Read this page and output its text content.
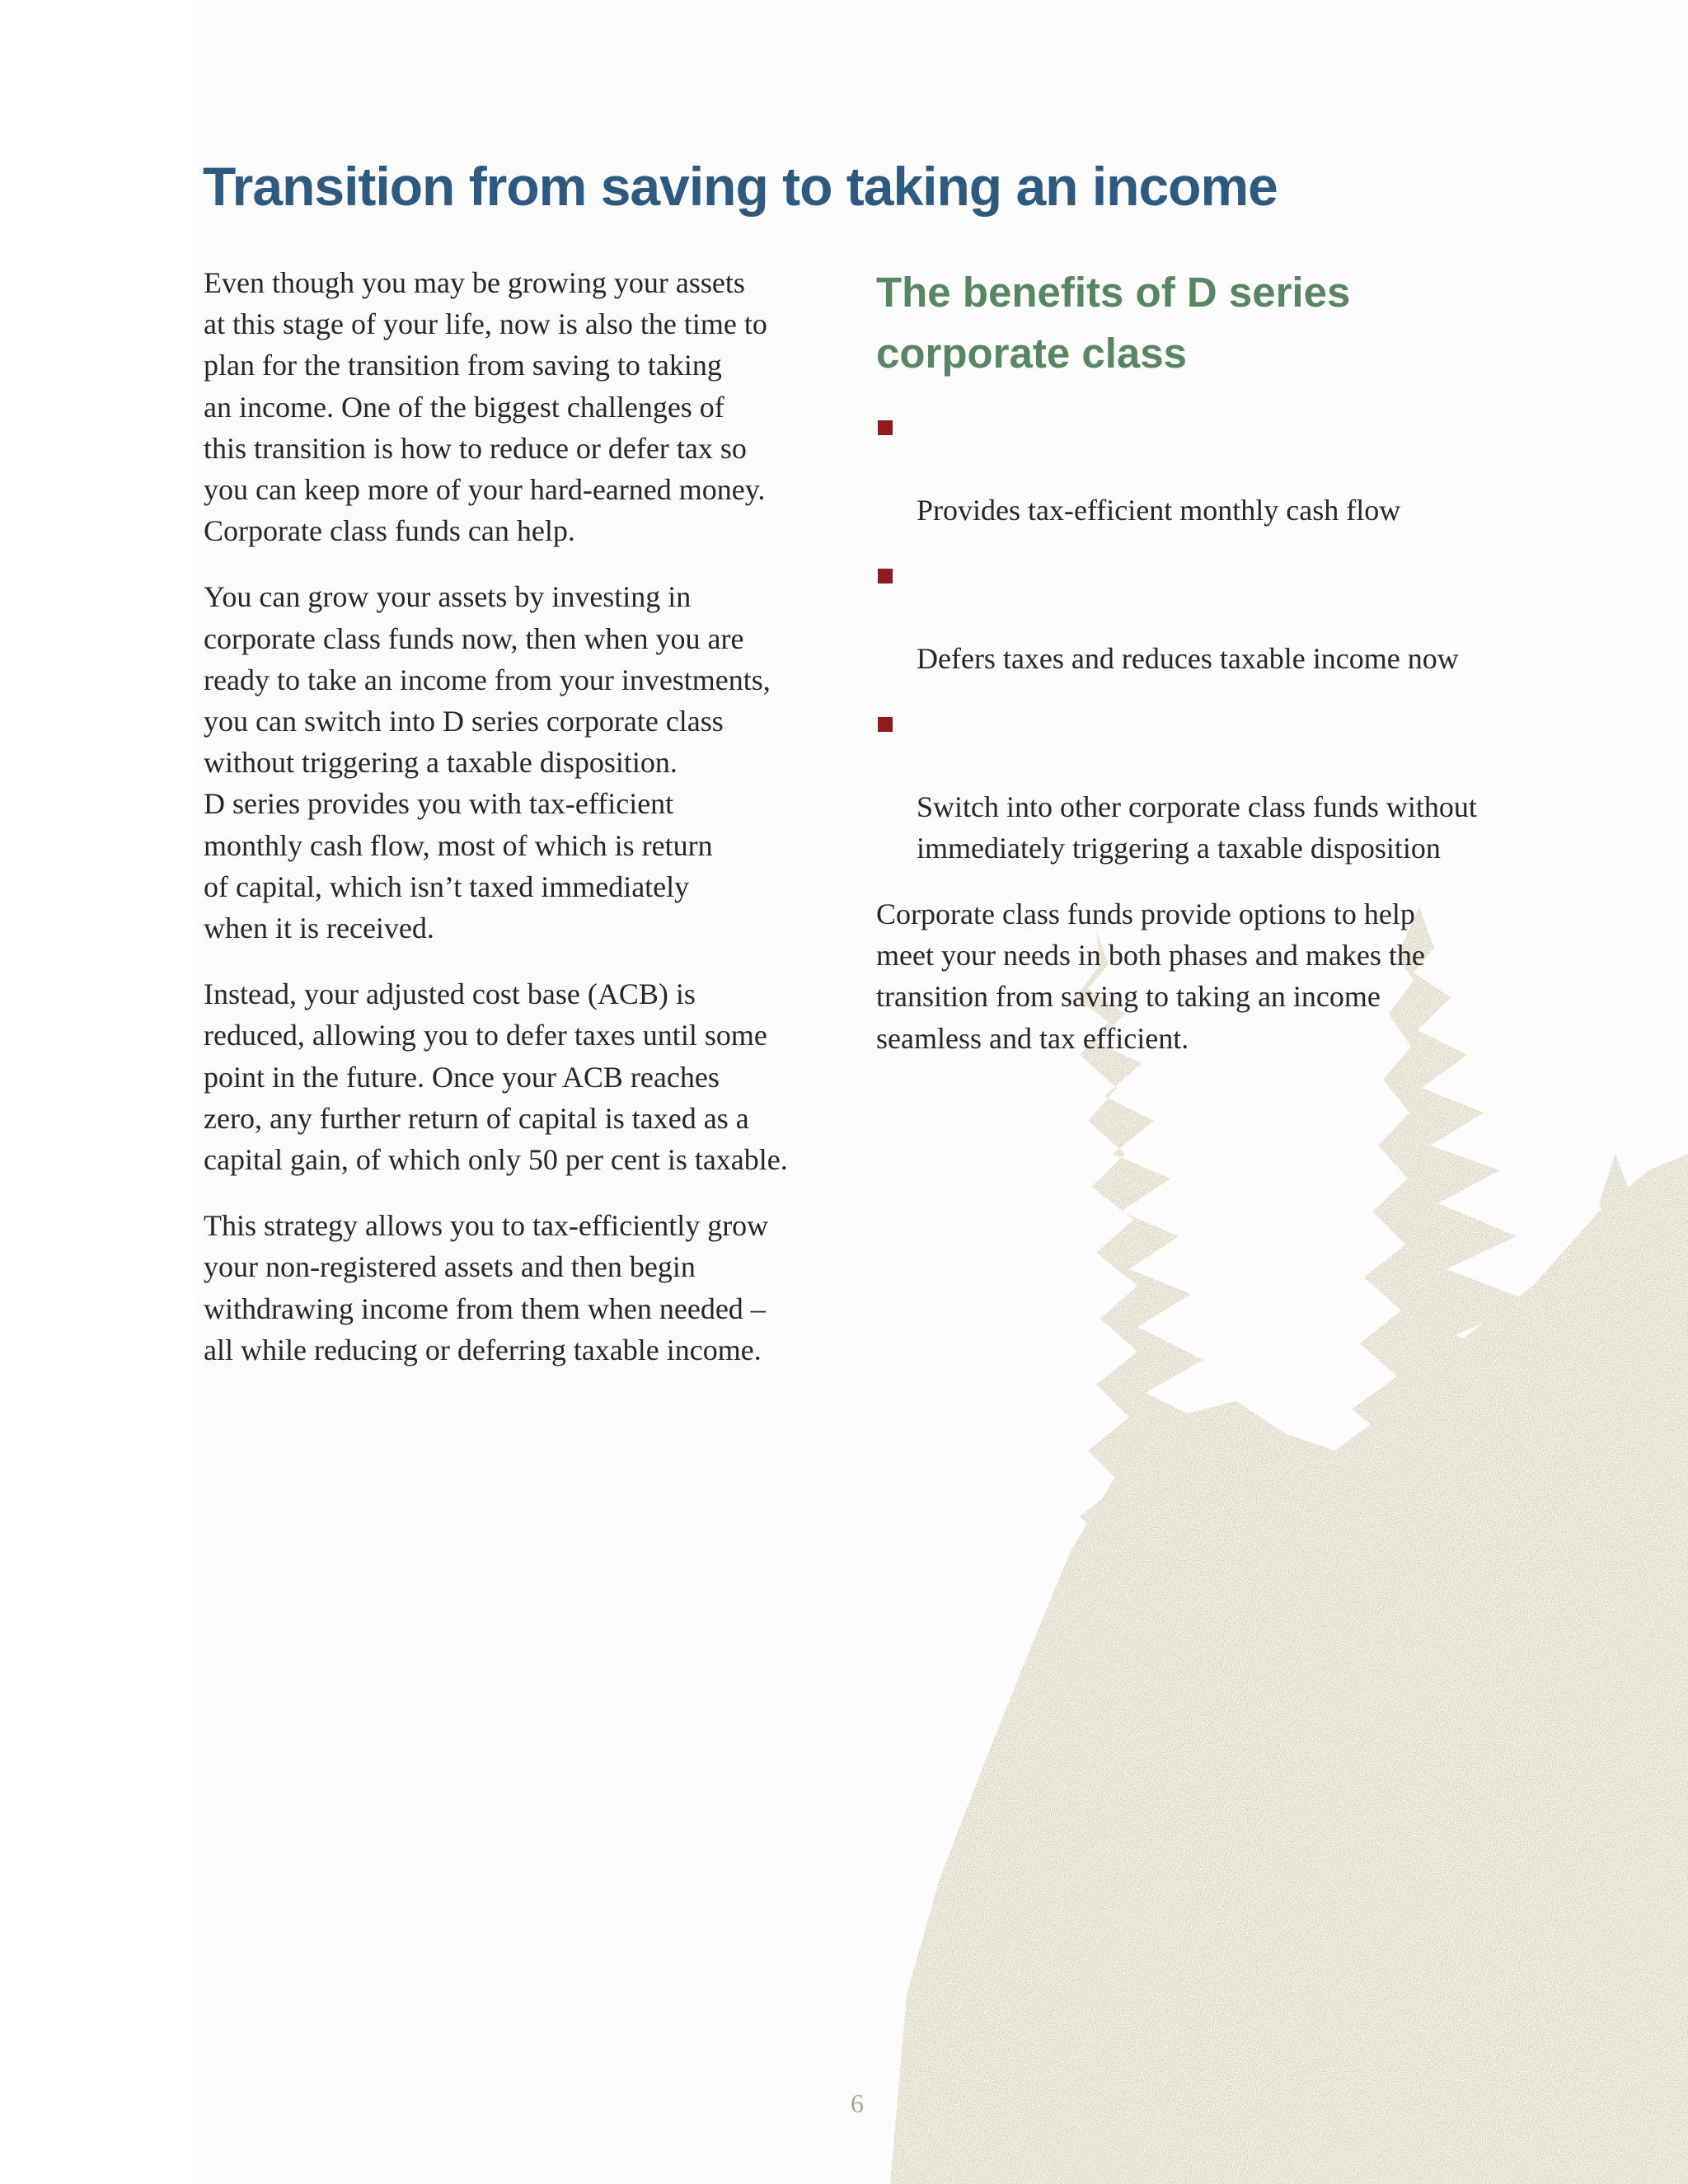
Transition from saving to taking an income

Even though you may be growing your assets
at this stage of your life, now is also the time to
plan for the transition from saving to taking
an income. One of the biggest challenges of
this transition is how to reduce or defer tax so
you can keep more of your hard-earned money.
Corporate class funds can help.

You can grow your assets by investing in
corporate class funds now, then when you are
ready to take an income from your investments,
you can switch into D series corporate class
without triggering a taxable disposition.
D series provides you with tax-efficient
monthly cash flow, most of which is return
of capital, which isn’t taxed immediately
when it is received.

Instead, your adjusted cost base (ACB) is
reduced, allowing you to defer taxes until some
point in the future. Once your ACB reaches
zero, any further return of capital is taxed as a
capital gain, of which only 50 per cent is taxable.

This strategy allows you to tax-efficiently grow
your non-registered assets and then begin
withdrawing income from them when needed –
all while reducing or deferring taxable income.

The benefits of D series
corporate class

Provides tax-efficient monthly cash flow

Defers taxes and reduces taxable income now

Switch into other corporate class funds without
immediately triggering a taxable disposition

Corporate class funds provide options to help
meet your needs in both phases and makes the
transition from saving to taking an income
seamless and tax efficient.

6
